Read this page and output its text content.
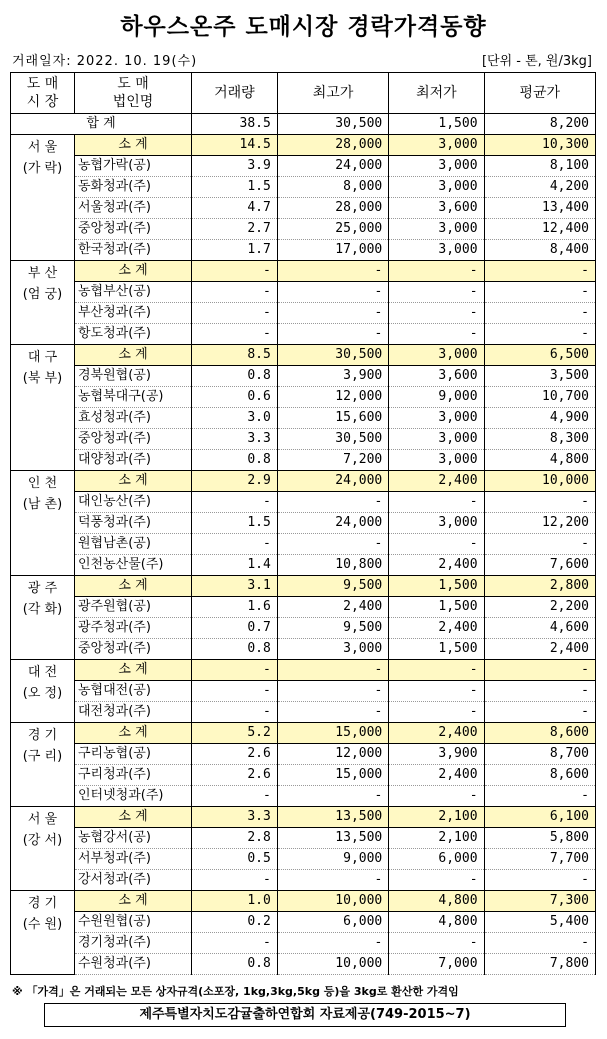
하우스온주 도매시장 경락가격동향
거래일자: 2022. 10. 19(수)	[단위 - 톤, 원/3kg]
도 매
시 장	도 매
법인명	거래량	최고가	최저가	평균가
합 계		38.5	30,500	1,500	8,200
서 울
(가 락)	소 계	14.5	28,000	3,000	10,300
	농협가락(공)	3.9	24,000	3,000	8,100
	동화청과(주)	1.5	8,000	3,000	4,200
	서울청과(주)	4.7	28,000	3,600	13,400
	중앙청과(주)	2.7	25,000	3,000	12,400
	한국청과(주)	1.7	17,000	3,000	8,400
부 산
(엄 궁)	소 계	-	-	-	-
	농협부산(공)	-	-	-	-
	부산청과(주)	-	-	-	-
	항도청과(주)	-	-	-	-
대 구
(북 부)	소 계	8.5	30,500	3,000	6,500
	경북원협(공)	0.8	3,900	3,600	3,500
	농협북대구(공)	0.6	12,000	9,000	10,700
	효성청과(주)	3.0	15,600	3,000	4,900
	중앙청과(주)	3.3	30,500	3,000	8,300
	대양청과(주)	0.8	7,200	3,000	4,800
인 천
(남 촌)	소 계	2.9	24,000	2,400	10,000
	대인농산(주)	-	-	-	-
	덕풍청과(주)	1.5	24,000	3,000	12,200
	원협남촌(공)	-	-	-	-
	인천농산물(주)	1.4	10,800	2,400	7,600
광 주
(각 화)	소 계	3.1	9,500	1,500	2,800
	광주원협(공)	1.6	2,400	1,500	2,200
	광주청과(주)	0.7	9,500	2,400	4,600
	중앙청과(주)	0.8	3,000	1,500	2,400
대 전
(오 정)	소 계	-	-	-	-
	농협대전(공)	-	-	-	-
	대전청과(주)	-	-	-	-
경 기
(구 리)	소 계	5.2	15,000	2,400	8,600
	구리농협(공)	2.6	12,000	3,900	8,700
	구리청과(주)	2.6	15,000	2,400	8,600
	인터넷청과(주)	-	-	-	-
서 울
(강 서)	소 계	3.3	13,500	2,100	6,100
	농협강서(공)	2.8	13,500	2,100	5,800
	서부청과(주)	0.5	9,000	6,000	7,700
	강서청과(주)	-	-	-	-
경 기
(수 원)	소 계	1.0	10,000	4,800	7,300
	수원원협(공)	0.2	6,000	4,800	5,400
	경기청과(주)	-	-	-	-
	수원청과(주)	0.8	10,000	7,000	7,800
※ 「가격」은 거래되는 모든 상자규격(소포장, 1kg,3kg,5kg 등)을 3kg로 환산한 가격임
제주특별자치도감귤출하연합회 자료제공(749-2015~7)
